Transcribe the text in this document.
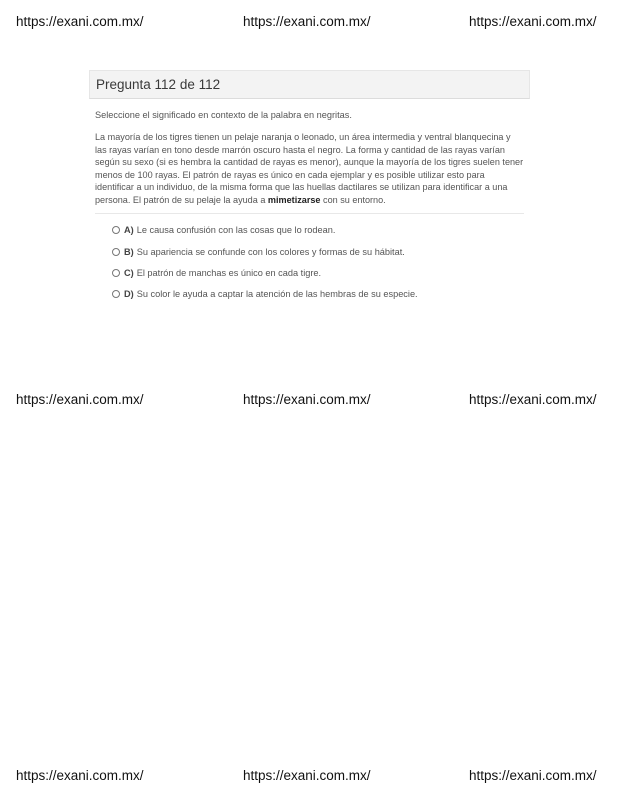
https://exani.com.mx/	https://exani.com.mx/	https://exani.com.mx/
Pregunta 112 de 112
Seleccione el significado en contexto de la palabra en negritas.
La mayoría de los tigres tienen un pelaje naranja o leonado, un área intermedia y ventral blanquecina y las rayas varían en tono desde marrón oscuro hasta el negro. La forma y cantidad de las rayas varían según su sexo (si es hembra la cantidad de rayas es menor), aunque la mayoría de los tigres suelen tener menos de 100 rayas. El patrón de rayas es único en cada ejemplar y es posible utilizar esto para identificar a un individuo, de la misma forma que las huellas dactilares se utilizan para identificar a una persona. El patrón de su pelaje la ayuda a mimetizarse con su entorno.
A) Le causa confusión con las cosas que lo rodean.
B) Su apariencia se confunde con los colores y formas de su hábitat.
C) El patrón de manchas es único en cada tigre.
D) Su color le ayuda a captar la atención de las hembras de su especie.
https://exani.com.mx/	https://exani.com.mx/	https://exani.com.mx/
https://exani.com.mx/	https://exani.com.mx/	https://exani.com.mx/
